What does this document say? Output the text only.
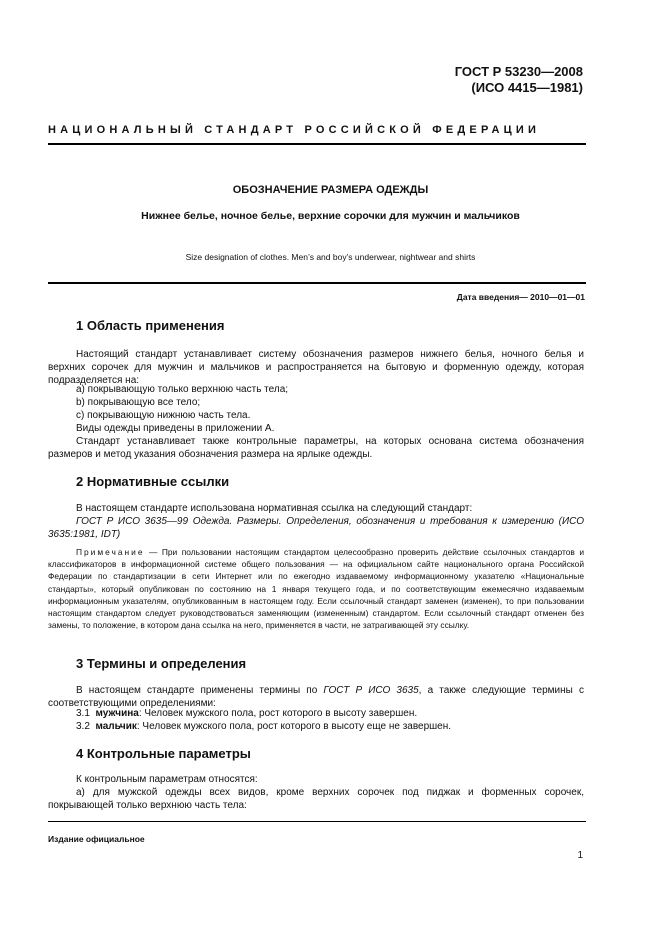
ГОСТ Р 53230—2008
(ИСО 4415—1981)
НАЦИОНАЛЬНЫЙ СТАНДАРТ РОССИЙСКОЙ ФЕДЕРАЦИИ
ОБОЗНАЧЕНИЕ РАЗМЕРА ОДЕЖДЫ
Нижнее белье, ночное белье, верхние сорочки для мужчин и мальчиков
Size designation of clothes. Men’s and boy’s underwear, nightwear and shirts
Дата введения— 2010—01—01
1 Область применения
Настоящий стандарт устанавливает систему обозначения размеров нижнего белья, ночного белья и верхних сорочек для мужчин и мальчиков и распространяется на бытовую и форменную одежду, которая подразделяется на:
a) покрывающую только верхнюю часть тела;
b) покрывающую все тело;
c) покрывающую нижнюю часть тела.
Виды одежды приведены в приложении А.
Стандарт устанавливает также контрольные параметры, на которых основана система обозначения размеров и метод указания обозначения размера на ярлыке одежды.
2 Нормативные ссылки
В настоящем стандарте использована нормативная ссылка на следующий стандарт:
ГОСТ Р ИСО 3635—99 Одежда. Размеры. Определения, обозначения и требования к измерению (ИСО 3635:1981, IDT)
Примечание — При пользовании настоящим стандартом целесообразно проверить действие ссылочных стандартов и классификаторов в информационной системе общего пользования — на официальном сайте национального органа Российской Федерации по стандартизации в сети Интернет или по ежегодно издаваемому информационному указателю «Национальные стандарты», который опубликован по состоянию на 1 января текущего года, и по соответствующим ежемесячно издаваемым информационным указателям, опубликованным в настоящем году. Если ссылочный стандарт заменен (изменен), то при пользовании настоящим стандартом следует руководствоваться заменяющим (измененным) стандартом. Если ссылочный стандарт отменен без замены, то положение, в котором дана ссылка на него, применяется в части, не затрагивающей эту ссылку.
3 Термины и определения
В настоящем стандарте применены термины по ГОСТ Р ИСО 3635, а также следующие термины с соответствующими определениями:
3.1 мужчина: Человек мужского пола, рост которого в высоту завершен.
3.2 мальчик: Человек мужского пола, рост которого в высоту еще не завершен.
4 Контрольные параметры
К контрольным параметрам относятся:
а) для мужской одежды всех видов, кроме верхних сорочек под пиджак и форменных сорочек, покрывающей только верхнюю часть тела:
Издание официальное
1
